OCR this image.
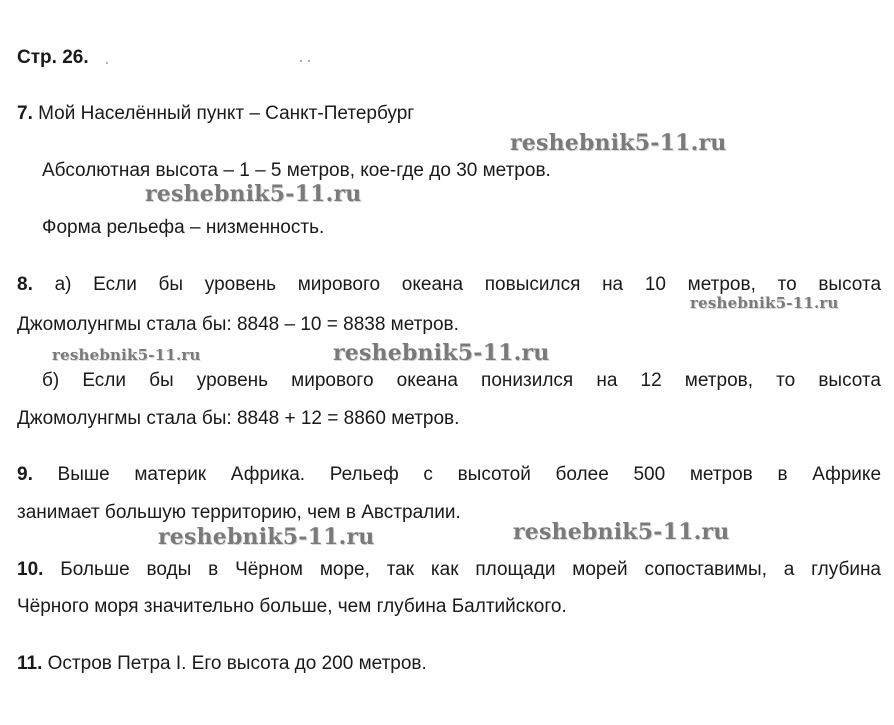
Стр. 26.
7. Мой Населённый пункт – Санкт-Петербург
Абсолютная высота – 1 – 5 метров, кое-где до 30 метров.
Форма рельефа – низменность.
8. а) Если бы уровень мирового океана повысился на 10 метров, то высота
Джомолунгмы стала бы: 8848 – 10 = 8838 метров.
б) Если бы уровень мирового океана понизился на 12 метров, то высота
Джомолунгмы стала бы: 8848 + 12 = 8860 метров.
9. Выше материк Африка. Рельеф с высотой более 500 метров в Африке
занимает большую территорию, чем в Австралии.
10. Больше воды в Чёрном море, так как площади морей сопоставимы, а глубина
Чёрного моря значительно больше, чем глубина Балтийского.
11. Остров Петра I. Его высота до 200 метров.
reshebnik5-11.ru
reshebnik5-11.ru
reshebnik5-11.ru
reshebnik5-11.ru	reshebnik5-11.ru
reshebnik5-11.ru
reshebnik5-11.ru
